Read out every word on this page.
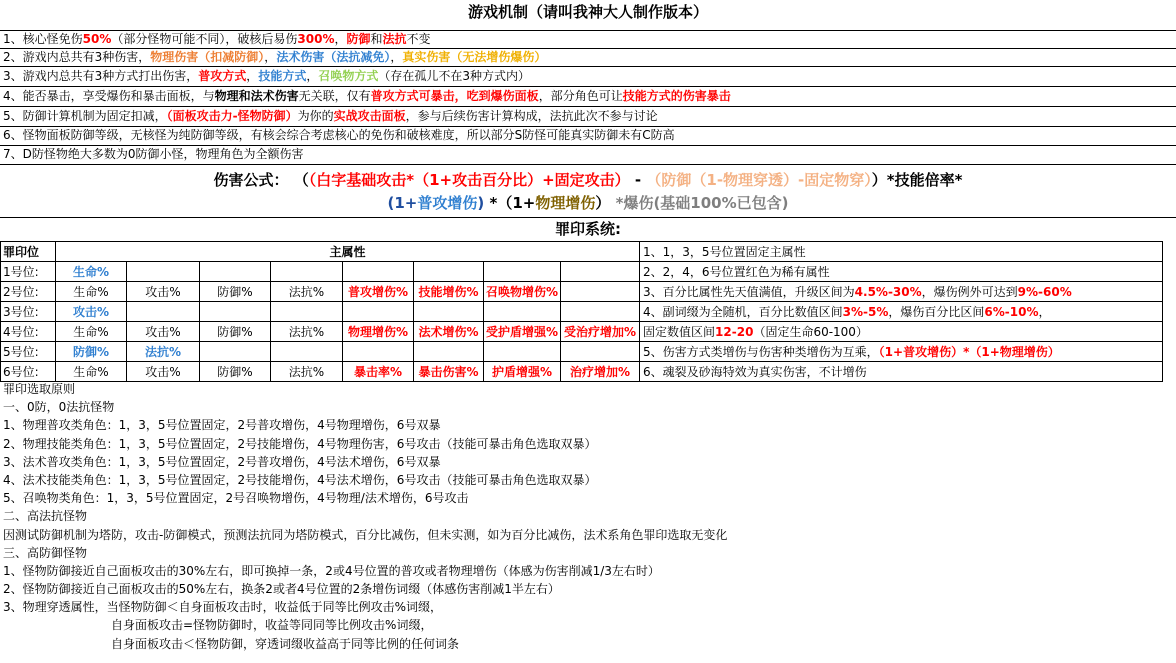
游戏机制（请叫我神大人制作版本）
1、核心怪免伤50%（部分怪物可能不同），破核后易伤300%，防御和法抗不变
2、游戏内总共有3种伤害，物理伤害（扣减防御），法术伤害（法抗减免），真实伤害（无法增伤爆伤）
3、游戏内总共有3种方式打出伤害，普攻方式，技能方式，召唤物方式（存在孤儿不在3种方式内）
4、能否暴击，享受爆伤和暴击面板，与物理和法术伤害无关联，仅有普攻方式可暴击，吃到爆伤面板，部分角色可让技能方式的伤害暴击
5、防御计算机制为固定扣减，（面板攻击力-怪物防御）为你的实战攻击面板，参与后续伤害计算构成，法抗此次不参与讨论
6、怪物面板防御等级，无核怪为纯防御等级，有核会综合考虑核心的免伤和破核难度，所以部分S防怪可能真实防御未有C防高
7、D防怪物绝大多数为0防御小怪，物理角色为全额伤害
伤害公式： （（白字基础攻击*（1+攻击百分比）+固定攻击） - （防御（1-物理穿透）-固定物穿））*技能倍率*
(1+普攻增伤) *（1+物理增伤） *爆伤(基础100%已包含)
罪印系统:
罪印位	主属性								1、1，3，5号位置固定主属性
1号位:	生命%								2、2，4，6号位置红色为稀有属性
2号位:	生命%	攻击%	防御%	法抗%	普攻增伤%	技能增伤%	召唤物增伤%		3、百分比属性先天值满值，升级区间为4.5%-30%，爆伤例外可达到9%-60%
3号位:	攻击%								4、副词缀为全随机，百分比数值区间3%-5%，爆伤百分比区间6%-10%，
4号位:	生命%	攻击%	防御%	法抗%	物理增伤%	法术增伤%	受护盾增强%	受治疗增加%	固定数值区间12-20（固定生命60-100）
5号位:	防御%	法抗%							5、伤害方式类增伤与伤害种类增伤为互乘，（1+普攻增伤）*（1+物理增伤）
6号位:	生命%	攻击%	防御%	法抗%	暴击率%	暴击伤害%	护盾增强%	治疗增加%	6、魂裂及砂海特效为真实伤害，不计增伤
罪印选取原则
一、0防，0法抗怪物
1、物理普攻类角色：1，3，5号位置固定，2号普攻增伤，4号物理增伤，6号双暴
2、物理技能类角色：1，3，5号位置固定，2号技能增伤，4号物理伤害，6号攻击（技能可暴击角色选取双暴）
3、法术普攻类角色：1，3，5号位置固定，2号普攻增伤，4号法术增伤，6号双暴
4、法术技能类角色：1，3，5号位置固定，2号技能增伤，4号法术增伤，6号攻击（技能可暴击角色选取双暴）
5、召唤物类角色：1，3，5号位置固定，2号召唤物增伤，4号物理/法术增伤，6号攻击
二、高法抗怪物
因测试防御机制为塔防，攻击-防御模式，预测法抗同为塔防模式，百分比减伤，但未实测，如为百分比减伤，法术系角色罪印选取无变化
三、高防御怪物
1、怪物防御接近自己面板攻击的30%左右，即可换掉一条，2或4号位置的普攻或者物理增伤（体感为伤害削减1/3左右时）
2、怪物防御接近自己面板攻击的50%左右，换条2或者4号位置的2条增伤词缀（体感伤害削减1半左右）
3、物理穿透属性，当怪物防御＜自身面板攻击时，收益低于同等比例攻击%词缀，
自身面板攻击=怪物防御时，收益等同同等比例攻击%词缀，
自身面板攻击＜怪物防御，穿透词缀收益高于同等比例的任何词条
